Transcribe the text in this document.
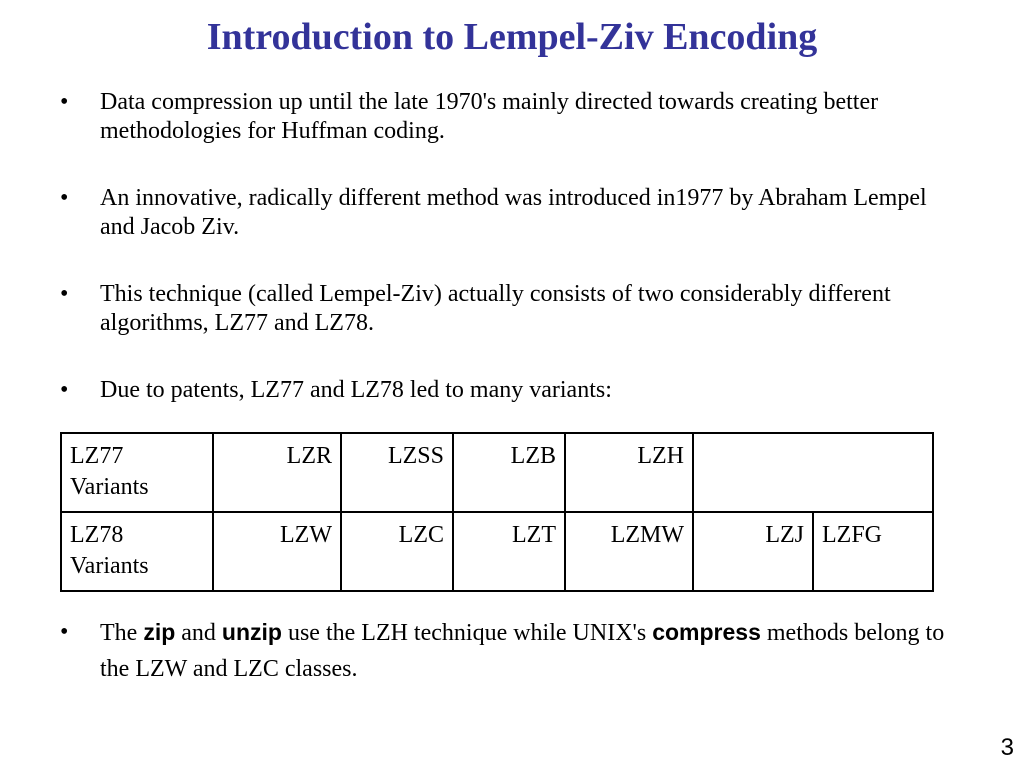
Introduction to Lempel-Ziv Encoding
• Data compression up until the late 1970's mainly directed towards creating better methodologies for Huffman coding.
• An innovative, radically different method was introduced in1977 by Abraham Lempel and Jacob Ziv.
• This technique (called Lempel-Ziv) actually consists of two considerably different algorithms, LZ77 and LZ78.
• Due to patents, LZ77 and LZ78 led to many variants:
LZ77
Variants	LZR	LZSS	LZB	LZH		
LZ78
Variants	LZW	LZC	LZT	LZMW	LZJ	LZFG
• The zip and unzip use the LZH technique while UNIX's compress methods belong to the LZW and LZC classes.
3
